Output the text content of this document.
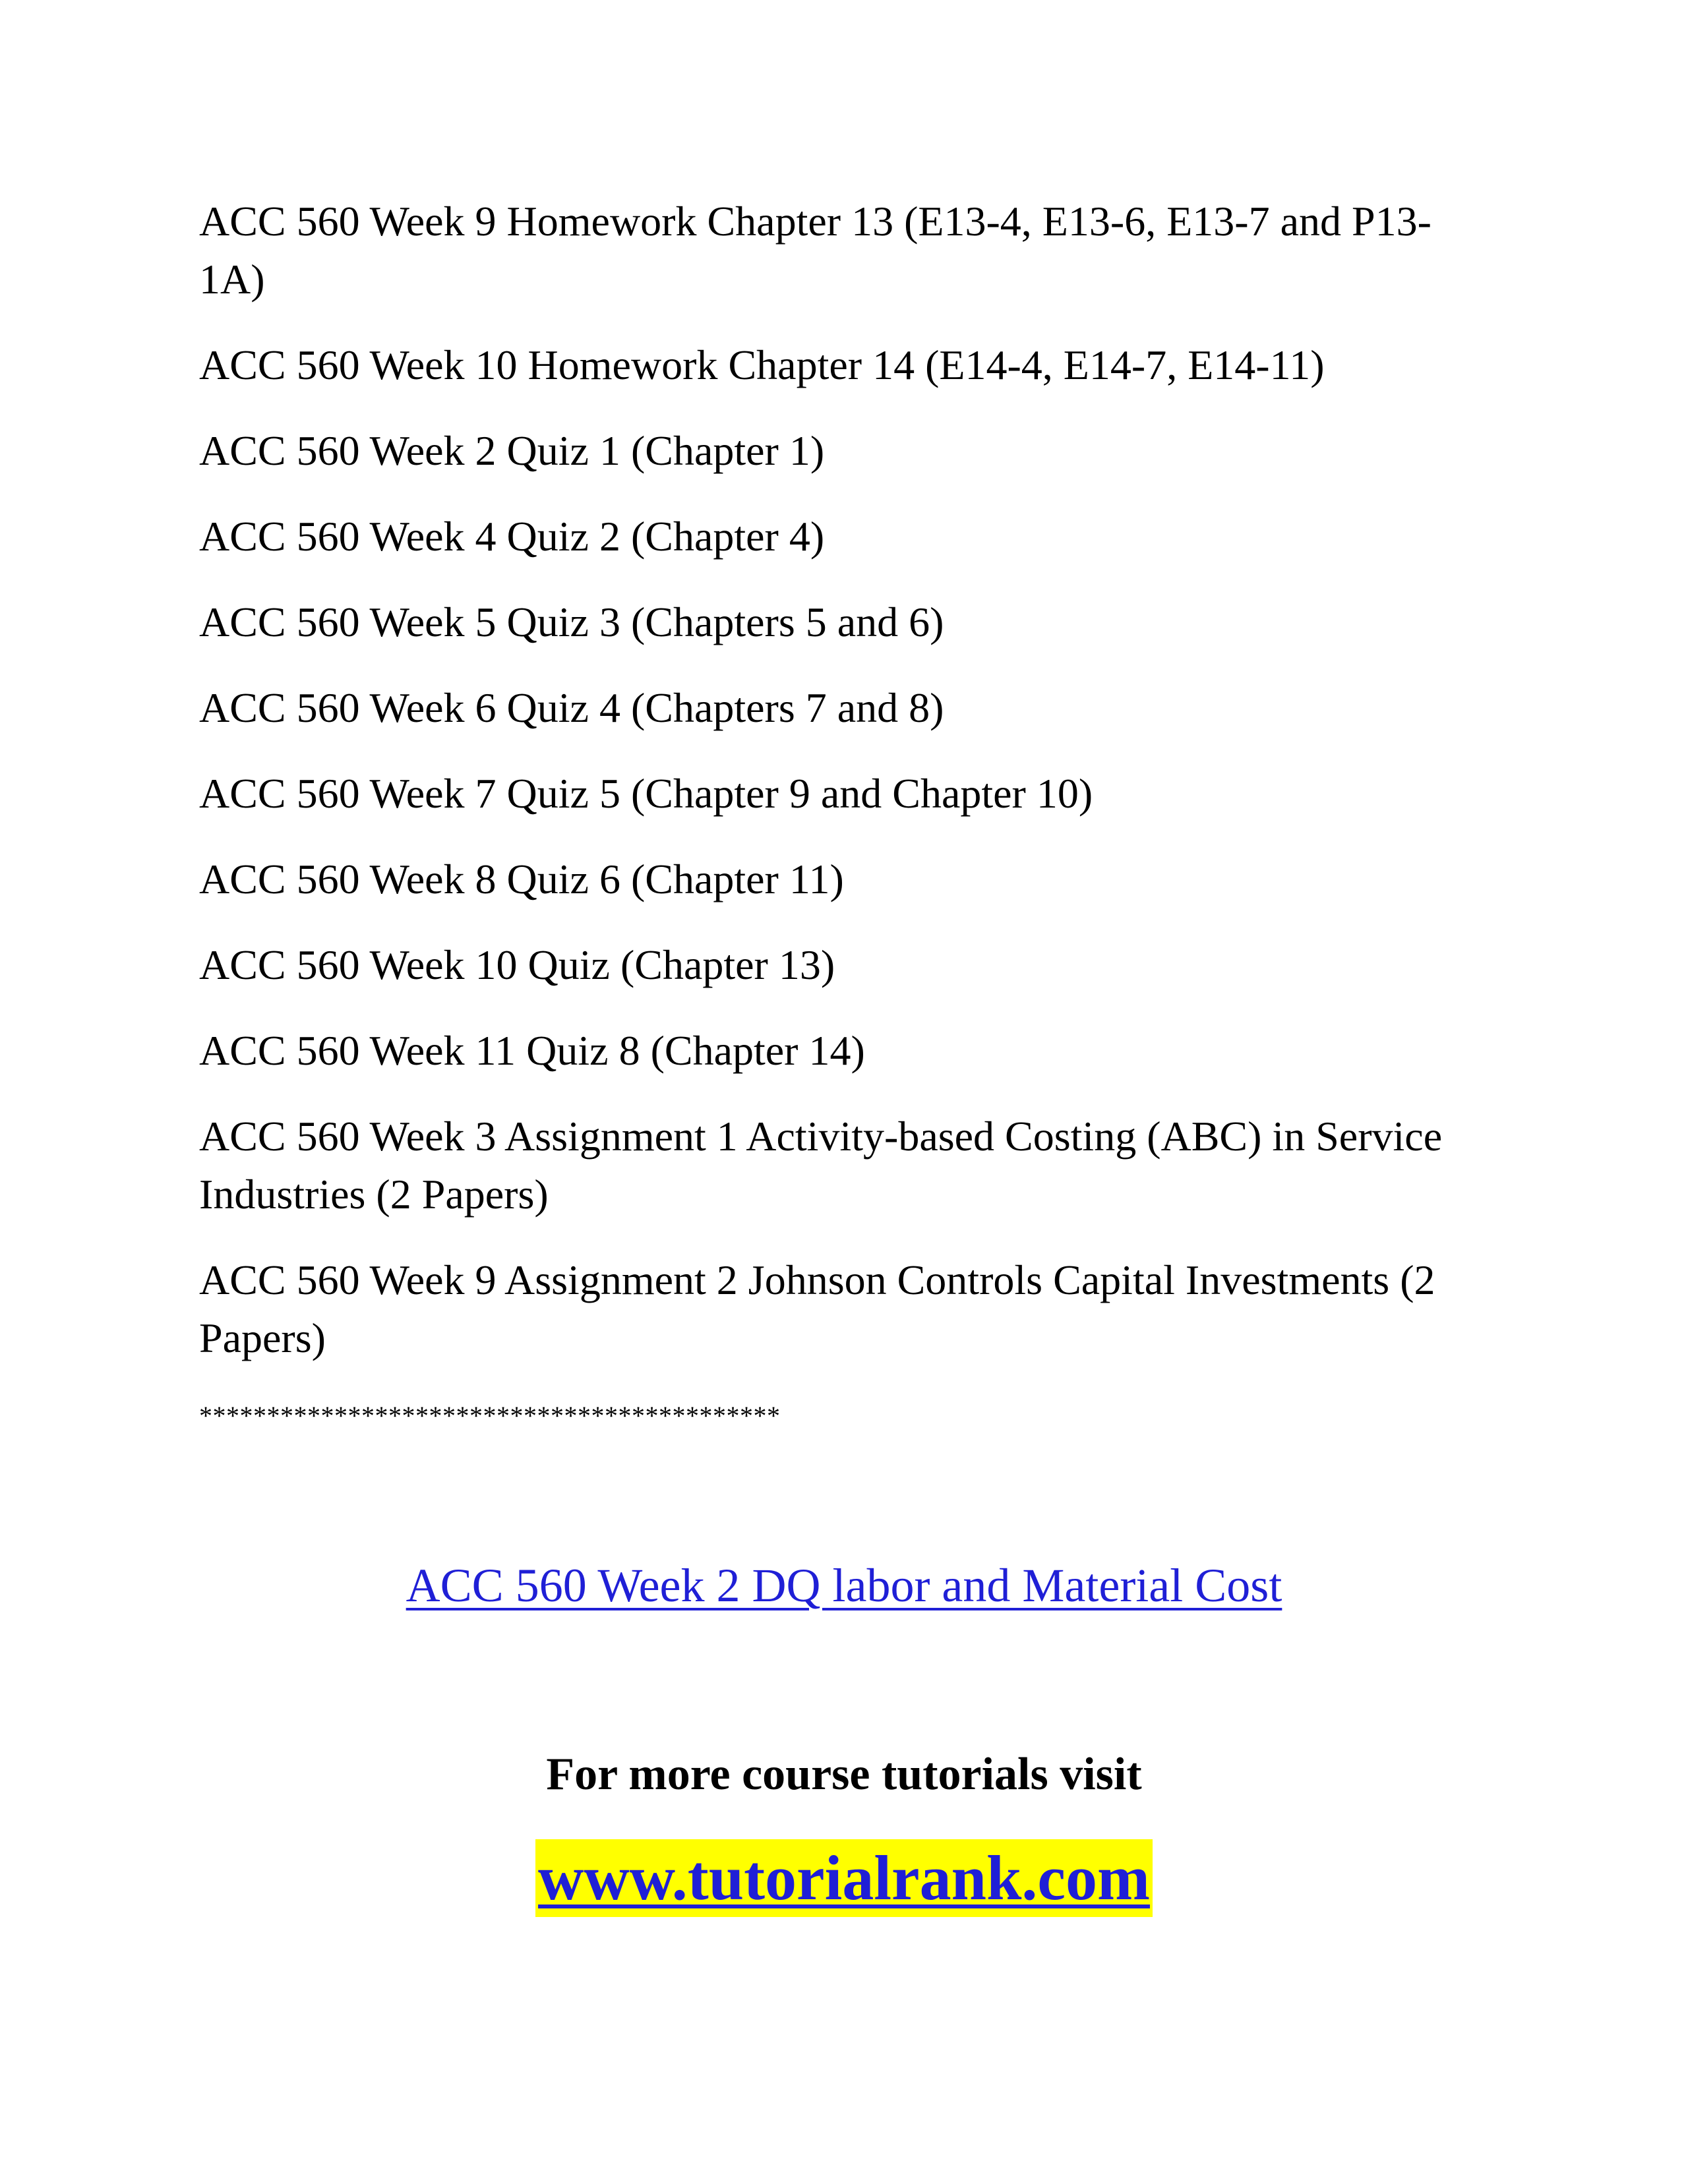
ACC 560 Week 9 Homework Chapter 13 (E13-4, E13-6, E13-7 and P13-1A)
ACC 560 Week 10 Homework Chapter 14 (E14-4, E14-7, E14-11)
ACC 560 Week 2 Quiz 1 (Chapter 1)
ACC 560 Week 4 Quiz 2 (Chapter 4)
ACC 560 Week 5 Quiz 3 (Chapters 5 and 6)
ACC 560 Week 6 Quiz 4 (Chapters 7 and 8)
ACC 560 Week 7 Quiz 5 (Chapter 9 and Chapter 10)
ACC 560 Week 8 Quiz 6 (Chapter 11)
ACC 560 Week 10 Quiz (Chapter 13)
ACC 560 Week 11 Quiz 8 (Chapter 14)
ACC 560 Week 3 Assignment 1 Activity-based Costing (ABC) in Service Industries (2 Papers)
ACC 560 Week 9 Assignment 2 Johnson Controls Capital Investments (2 Papers)
*******************************************
ACC 560 Week 2 DQ labor and Material Cost
For more course tutorials visit
www.tutorialrank.com
